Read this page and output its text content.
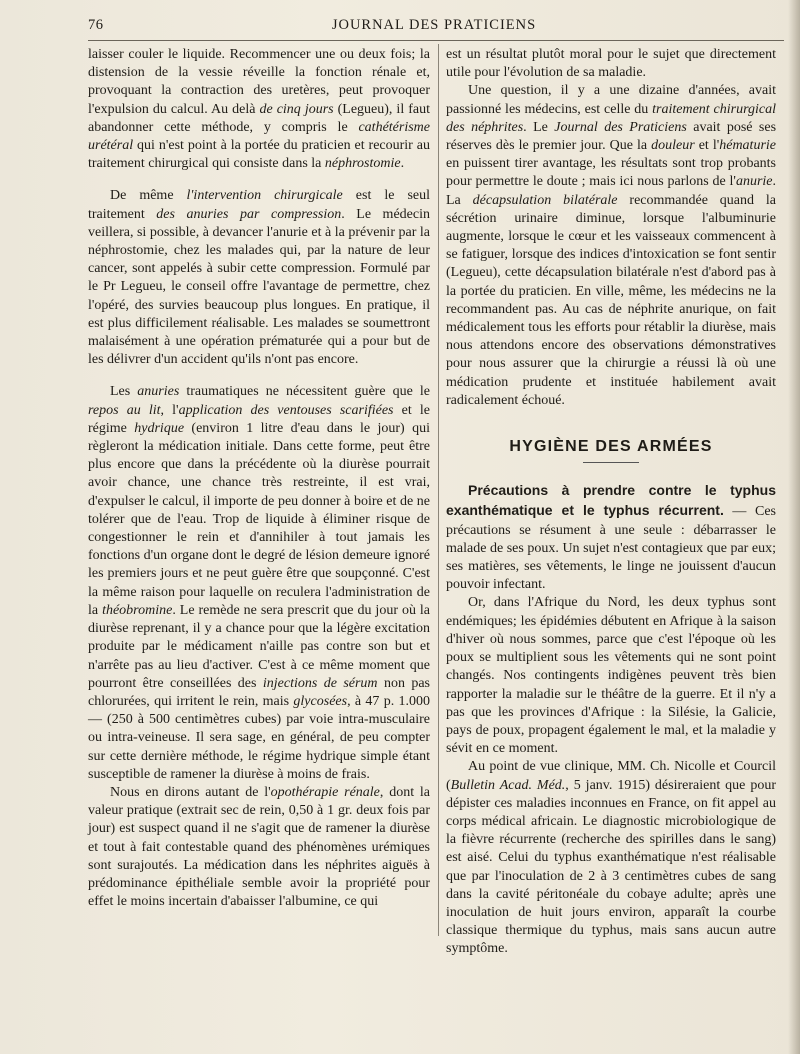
76	JOURNAL DES PRATICIENS

laisser couler le liquide. Recommencer une ou deux fois; la distension de la vessie réveille la fonction rénale et, provoquant la contraction des uretères, peut provoquer l'expulsion du calcul. Au delà de cinq jours (Legueu), il faut abandonner cette méthode, y compris le cathétérisme urétéral qui n'est point à la portée du praticien et recourir au traitement chirurgical qui consiste dans la néphrostomie.

De même l'intervention chirurgicale est le seul traitement des anuries par compression. Le médecin veillera, si possible, à devancer l'anurie et à la prévenir par la néphrostomie, chez les malades qui, par la nature de leur cancer, sont appelés à subir cette compression. Formulé par le Pr Legueu, le conseil offre l'avantage de permettre, chez l'opéré, des survies beaucoup plus longues. En pratique, il est plus difficilement réalisable. Les malades se soumettront malaisément à une opération prématurée qui a pour but de les délivrer d'un accident qu'ils n'ont pas encore.

Les anuries traumatiques ne nécessitent guère que le repos au lit, l'application des ventouses scarifiées et le régime hydrique (environ 1 litre d'eau dans le jour) qui règleront la médication initiale. Dans cette forme, peut être plus encore que dans la précédente où la diurèse pourrait avoir chance, une chance très restreinte, il est vrai, d'expulser le calcul, il importe de peu donner à boire et de ne tolérer que de l'eau. Trop de liquide à éliminer risque de congestionner le rein et d'annihiler à tout jamais les fonctions d'un organe dont le degré de lésion demeure ignoré les premiers jours et ne peut guère être que soupçonné. C'est la même raison pour laquelle on reculera l'administration de la théobromine. Le remède ne sera prescrit que du jour où la diurèse reprenant, il y a chance pour que la légère excitation produite par le médicament n'aille pas contre son but et n'arrête pas au lieu d'activer. C'est à ce même moment que pourront être conseillées des injections de sérum non pas chlorurées, qui irritent le rein, mais glycosées, à 47 p. 1.000 — (250 à 500 centimètres cubes) par voie intra-musculaire ou intra-veineuse. Il sera sage, en général, de peu compter sur cette dernière méthode, le régime hydrique simple étant susceptible de ramener la diurèse à moins de frais.

Nous en dirons autant de l'opothérapie rénale, dont la valeur pratique (extrait sec de rein, 0,50 à 1 gr. deux fois par jour) est suspect quand il ne s'agit que de ramener la diurèse et tout à fait contestable quand des phénomènes urémiques sont surajoutés. La médication dans les néphrites aiguës à prédominance épithéliale semble avoir la propriété pour effet le moins incertain d'abaisser l'albumine, ce qui

est un résultat plutôt moral pour le sujet que directement utile pour l'évolution de sa maladie.

Une question, il y a une dizaine d'années, avait passionné les médecins, est celle du traitement chirurgical des néphrites. Le Journal des Praticiens avait posé ses réserves dès le premier jour. Que la douleur et l'hématurie en puissent tirer avantage, les résultats sont trop probants pour permettre le doute ; mais ici nous parlons de l'anurie. La décapsulation bilatérale recommandée quand la sécrétion urinaire diminue, lorsque l'albuminurie augmente, lorsque le cœur et les vaisseaux commencent à se fatiguer, lorsque des indices d'intoxication se font sentir (Legueu), cette décapsulation bilatérale n'est d'abord pas à la portée du praticien. En ville, même, les médecins ne la recommandent pas. Au cas de néphrite anurique, on fait médicalement tous les efforts pour rétablir la diurèse, mais nous attendons encore des observations démonstratives pour nous assurer que la chirurgie a réussi là où une médication prudente et instituée habilement avait radicalement échoué.

HYGIÈNE DES ARMÉES

Précautions à prendre contre le typhus exanthématique et le typhus récurrent. — Ces précautions se résument à une seule : débarrasser le malade de ses poux. Un sujet n'est contagieux que par eux; ses matières, ses vêtements, le linge ne jouissent d'aucun pouvoir infectant.

Or, dans l'Afrique du Nord, les deux typhus sont endémiques; les épidémies débutent en Afrique à la saison d'hiver où nous sommes, parce que c'est l'époque où les poux se multiplient sous les vêtements qui ne sont point changés. Nos contingents indigènes peuvent très bien rapporter la maladie sur le théâtre de la guerre. Et il n'y a pas que les provinces d'Afrique : la Silésie, la Galicie, pays de poux, propagent également le mal, et la maladie y sévit en ce moment.

Au point de vue clinique, MM. Ch. Nicolle et Courcil (Bulletin Acad. Méd., 5 janv. 1915) désireraient que pour dépister ces maladies inconnues en France, on fit appel au corps médical africain. Le diagnostic microbiologique de la fièvre récurrente (recherche des spirilles dans le sang) est aisé. Celui du typhus exanthématique n'est réalisable que par l'inoculation de 2 à 3 centimètres cubes de sang dans la cavité péritonéale du cobaye adulte; après une inoculation de huit jours environ, apparaît la courbe classique thermique du typhus, mais sans aucun autre symptôme.
